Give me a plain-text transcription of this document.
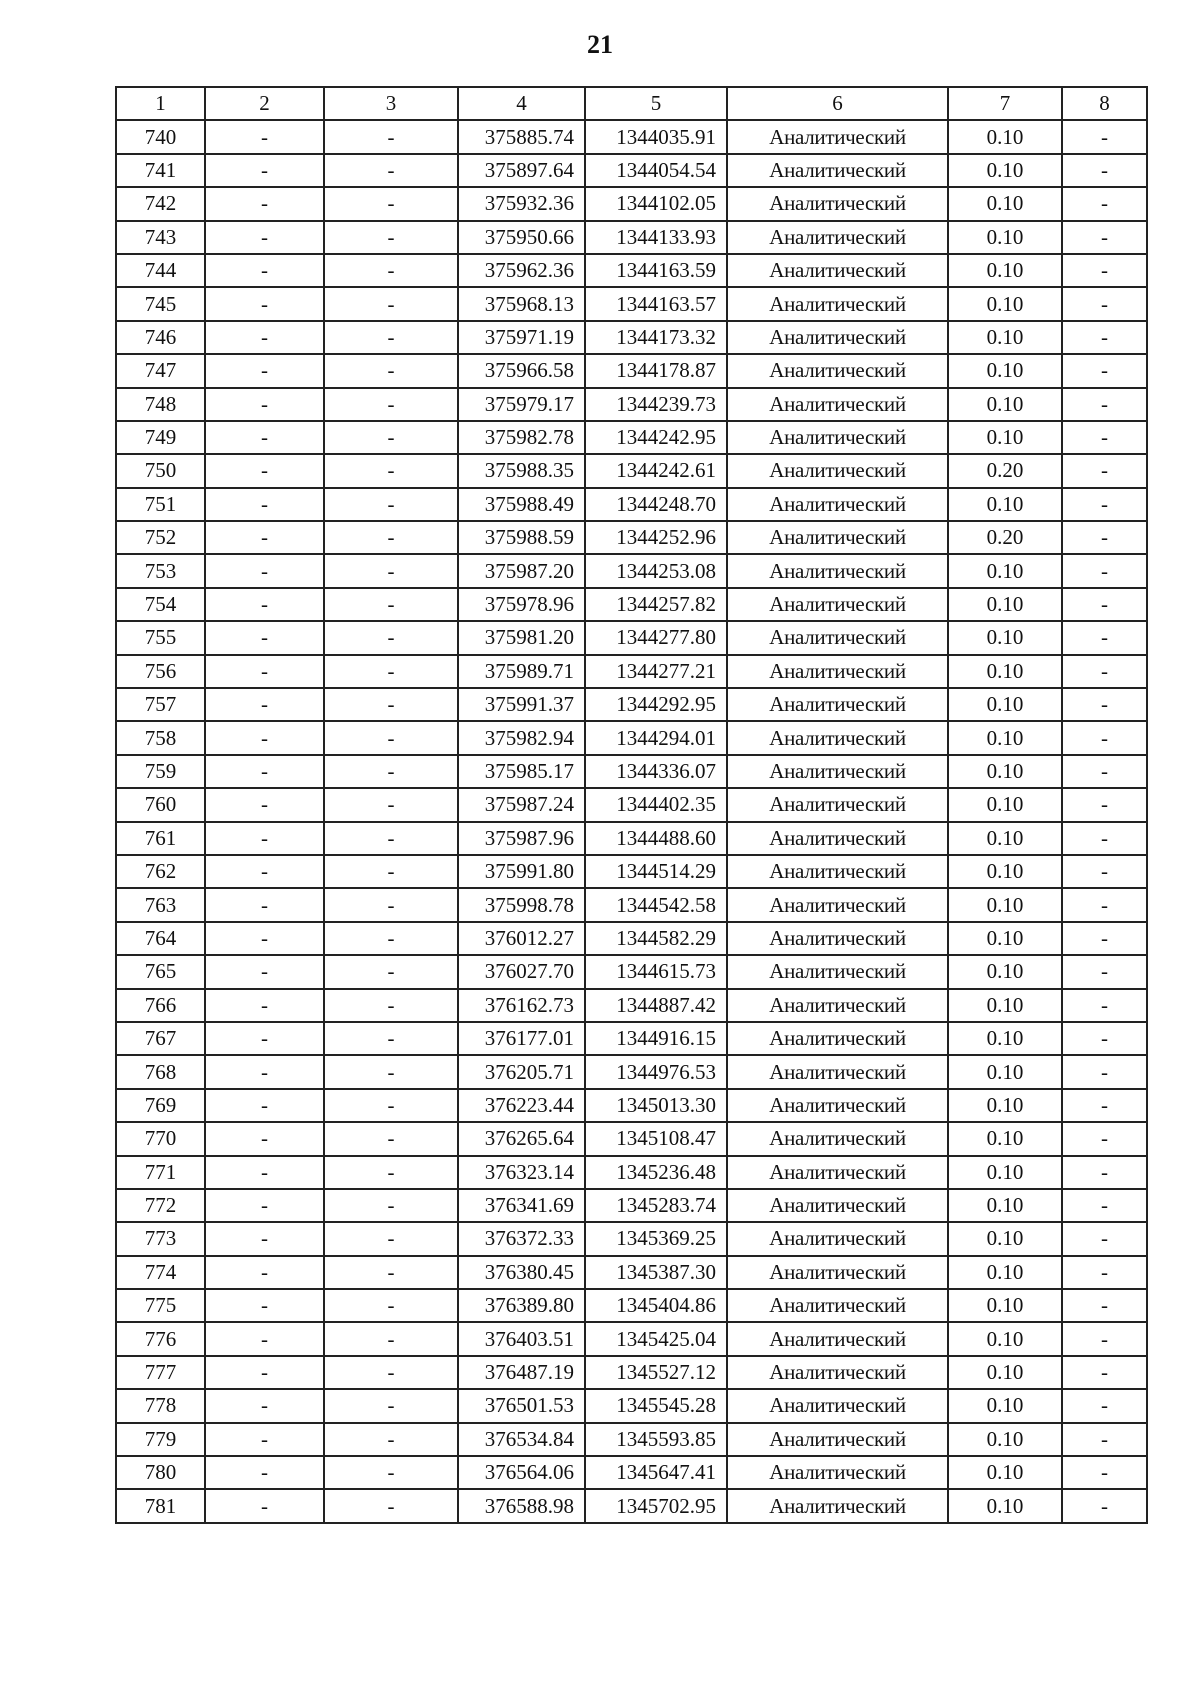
21
1	2	3	4	5	6	7	8
740	-	-	375885.74	1344035.91	Аналитический	0.10	-
741	-	-	375897.64	1344054.54	Аналитический	0.10	-
742	-	-	375932.36	1344102.05	Аналитический	0.10	-
743	-	-	375950.66	1344133.93	Аналитический	0.10	-
744	-	-	375962.36	1344163.59	Аналитический	0.10	-
745	-	-	375968.13	1344163.57	Аналитический	0.10	-
746	-	-	375971.19	1344173.32	Аналитический	0.10	-
747	-	-	375966.58	1344178.87	Аналитический	0.10	-
748	-	-	375979.17	1344239.73	Аналитический	0.10	-
749	-	-	375982.78	1344242.95	Аналитический	0.10	-
750	-	-	375988.35	1344242.61	Аналитический	0.20	-
751	-	-	375988.49	1344248.70	Аналитический	0.10	-
752	-	-	375988.59	1344252.96	Аналитический	0.20	-
753	-	-	375987.20	1344253.08	Аналитический	0.10	-
754	-	-	375978.96	1344257.82	Аналитический	0.10	-
755	-	-	375981.20	1344277.80	Аналитический	0.10	-
756	-	-	375989.71	1344277.21	Аналитический	0.10	-
757	-	-	375991.37	1344292.95	Аналитический	0.10	-
758	-	-	375982.94	1344294.01	Аналитический	0.10	-
759	-	-	375985.17	1344336.07	Аналитический	0.10	-
760	-	-	375987.24	1344402.35	Аналитический	0.10	-
761	-	-	375987.96	1344488.60	Аналитический	0.10	-
762	-	-	375991.80	1344514.29	Аналитический	0.10	-
763	-	-	375998.78	1344542.58	Аналитический	0.10	-
764	-	-	376012.27	1344582.29	Аналитический	0.10	-
765	-	-	376027.70	1344615.73	Аналитический	0.10	-
766	-	-	376162.73	1344887.42	Аналитический	0.10	-
767	-	-	376177.01	1344916.15	Аналитический	0.10	-
768	-	-	376205.71	1344976.53	Аналитический	0.10	-
769	-	-	376223.44	1345013.30	Аналитический	0.10	-
770	-	-	376265.64	1345108.47	Аналитический	0.10	-
771	-	-	376323.14	1345236.48	Аналитический	0.10	-
772	-	-	376341.69	1345283.74	Аналитический	0.10	-
773	-	-	376372.33	1345369.25	Аналитический	0.10	-
774	-	-	376380.45	1345387.30	Аналитический	0.10	-
775	-	-	376389.80	1345404.86	Аналитический	0.10	-
776	-	-	376403.51	1345425.04	Аналитический	0.10	-
777	-	-	376487.19	1345527.12	Аналитический	0.10	-
778	-	-	376501.53	1345545.28	Аналитический	0.10	-
779	-	-	376534.84	1345593.85	Аналитический	0.10	-
780	-	-	376564.06	1345647.41	Аналитический	0.10	-
781	-	-	376588.98	1345702.95	Аналитический	0.10	-
